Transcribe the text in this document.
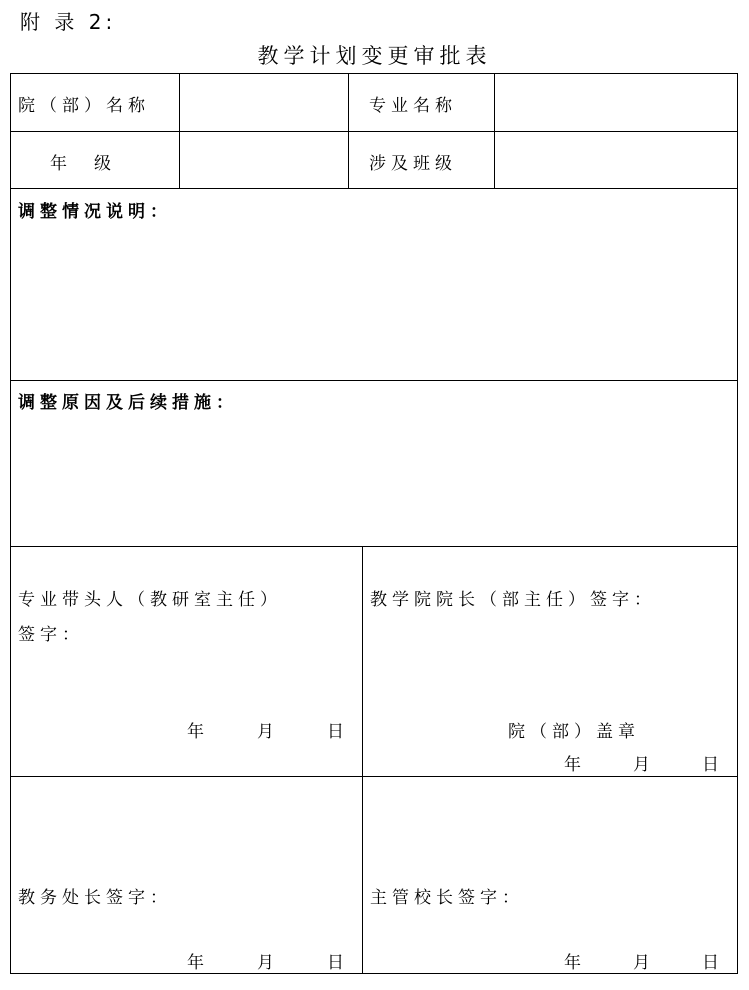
附 录 2:
教学计划变更审批表
院（部）名称	专业名称
年　级	涉及班级
调整情况说明：
调整原因及后续措施：
专业带头人（教研室主任）
签字：
年	月	日
教学院院长（部主任）签字：
院（部）盖章
年	月	日
教务处长签字：
年	月	日
主管校长签字：
年	月	日
